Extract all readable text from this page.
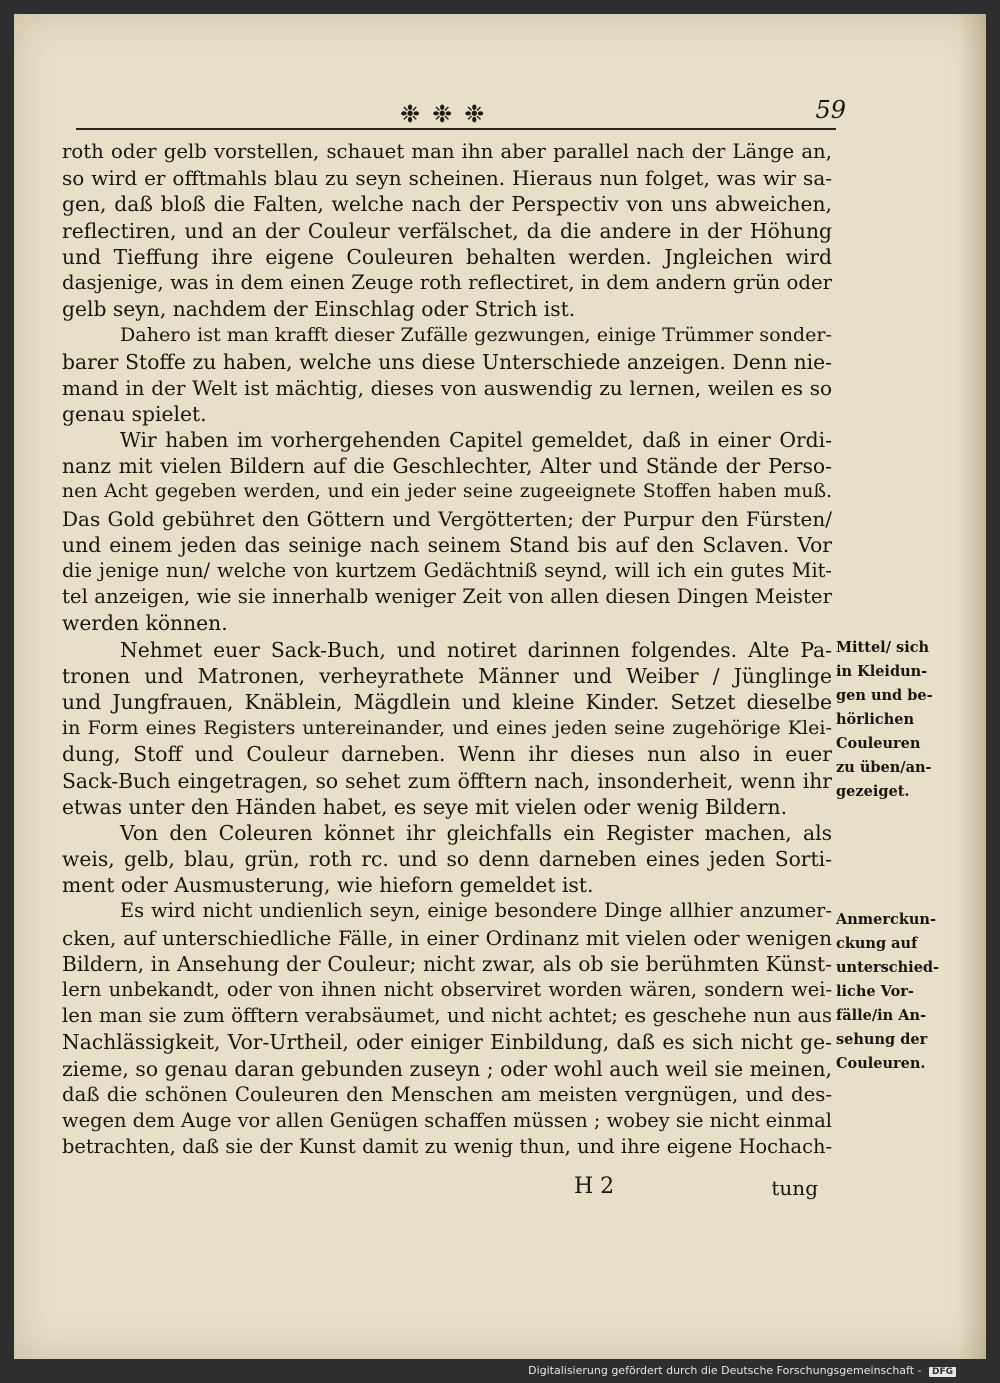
❉❉❉	59
roth oder gelb vorstellen, schauet man ihn aber parallel nach der Länge an,
so wird er offtmahls blau zu seyn scheinen. Hieraus nun folget, was wir sa-
gen, daß bloß die Falten, welche nach der Perspectiv von uns abweichen,
reflectiren, und an der Couleur verfälschet, da die andere in der Höhung
und Tieffung ihre eigene Couleuren behalten werden. Jngleichen wird
dasjenige, was in dem einen Zeuge roth reflectiret, in dem andern grün oder
gelb seyn, nachdem der Einschlag oder Strich ist.
Dahero ist man krafft dieser Zufälle gezwungen, einige Trümmer sonder-
barer Stoffe zu haben, welche uns diese Unterschiede anzeigen. Denn nie-
mand in der Welt ist mächtig, dieses von auswendig zu lernen, weilen es so
genau spielet.
Wir haben im vorhergehenden Capitel gemeldet, daß in einer Ordi-
nanz mit vielen Bildern auf die Geschlechter, Alter und Stände der Perso-
nen Acht gegeben werden, und ein jeder seine zugeeignete Stoffen haben muß.
Das Gold gebühret den Göttern und Vergötterten; der Purpur den Fürsten/
und einem jeden das seinige nach seinem Stand bis auf den Sclaven. Vor
die jenige nun/ welche von kurtzem Gedächtniß seynd, will ich ein gutes Mit-
tel anzeigen, wie sie innerhalb weniger Zeit von allen diesen Dingen Meister
werden können.
Nehmet euer Sack-Buch, und notiret darinnen folgendes. Alte Pa-
tronen und Matronen, verheyrathete Männer und Weiber / Jünglinge
und Jungfrauen, Knäblein, Mägdlein und kleine Kinder. Setzet dieselbe
in Form eines Registers untereinander, und eines jeden seine zugehörige Klei-
dung, Stoff und Couleur darneben. Wenn ihr dieses nun also in euer
Sack-Buch eingetragen, so sehet zum öfftern nach, insonderheit, wenn ihr
etwas unter den Händen habet, es seye mit vielen oder wenig Bildern.
Von den Coleuren könnet ihr gleichfalls ein Register machen, als
weis, gelb, blau, grün, roth rc. und so denn darneben eines jeden Sorti-
ment oder Ausmusterung, wie hieforn gemeldet ist.
Es wird nicht undienlich seyn, einige besondere Dinge allhier anzumer-
cken, auf unterschiedliche Fälle, in einer Ordinanz mit vielen oder wenigen
Bildern, in Ansehung der Couleur; nicht zwar, als ob sie berühmten Künst-
lern unbekandt, oder von ihnen nicht observiret worden wären, sondern wei-
len man sie zum öfftern verabsäumet, und nicht achtet; es geschehe nun aus
Nachlässigkeit, Vor-Urtheil, oder einiger Einbildung, daß es sich nicht ge-
zieme, so genau daran gebunden zuseyn ; oder wohl auch weil sie meinen,
daß die schönen Couleuren den Menschen am meisten vergnügen, und des-
wegen dem Auge vor allen Genügen schaffen müssen ; wobey sie nicht einmal
betrachten, daß sie der Kunst damit zu wenig thun, und ihre eigene Hochach-
Mittel/ sich
in Kleidun-
gen und be-
hörlichen
Couleuren
zu üben/an-
gezeiget.
Anmerckun-
ckung auf
unterschied-
liche Vor-
fälle/in An-
sehung der
Couleuren.
H 2	tung
Digitalisierung gefördert durch die Deutsche Forschungsgemeinschaft - DFG
